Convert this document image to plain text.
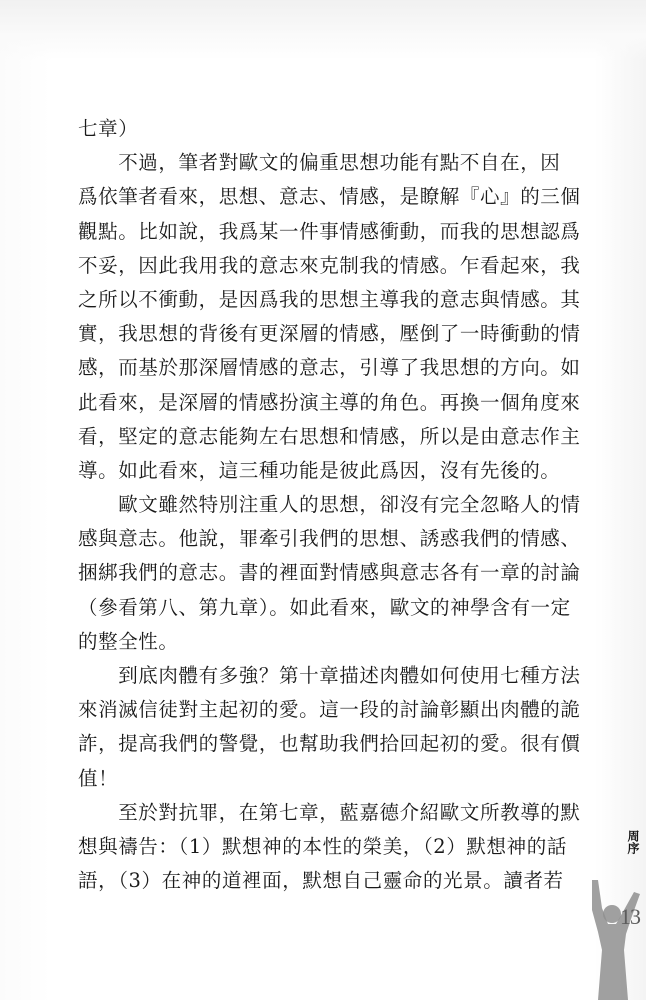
七章）
　　不過，筆者對歐文的偏重思想功能有點不自在，因
爲依筆者看來，思想、意志、情感，是瞭解『心』的三個
觀點。比如說，我爲某一件事情感衝動，而我的思想認爲
不妥，因此我用我的意志來克制我的情感。乍看起來，我
之所以不衝動，是因爲我的思想主導我的意志與情感。其
實，我思想的背後有更深層的情感，壓倒了一時衝動的情
感，而基於那深層情感的意志，引導了我思想的方向。如
此看來，是深層的情感扮演主導的角色。再換一個角度來
看，堅定的意志能夠左右思想和情感，所以是由意志作主
導。如此看來，這三種功能是彼此爲因，沒有先後的。
　　歐文雖然特別注重人的思想，卻沒有完全忽略人的情
感與意志。他說，罪牽引我們的思想、誘惑我們的情感、
捆綁我們的意志。書的裡面對情感與意志各有一章的討論
（參看第八、第九章）。如此看來，歐文的神學含有一定
的整全性。
　　到底肉體有多強？第十章描述肉體如何使用七種方法
來消滅信徒對主起初的愛。這一段的討論彰顯出肉體的詭
詐，提高我們的警覺，也幫助我們拾回起初的愛。很有價
值！
　　至於對抗罪，在第七章，藍嘉德介紹歐文所教導的默
想與禱告：（1）默想神的本性的榮美，（2）默想神的話
語，（3）在神的道裡面，默想自己靈命的光景。讀者若
周序
13
